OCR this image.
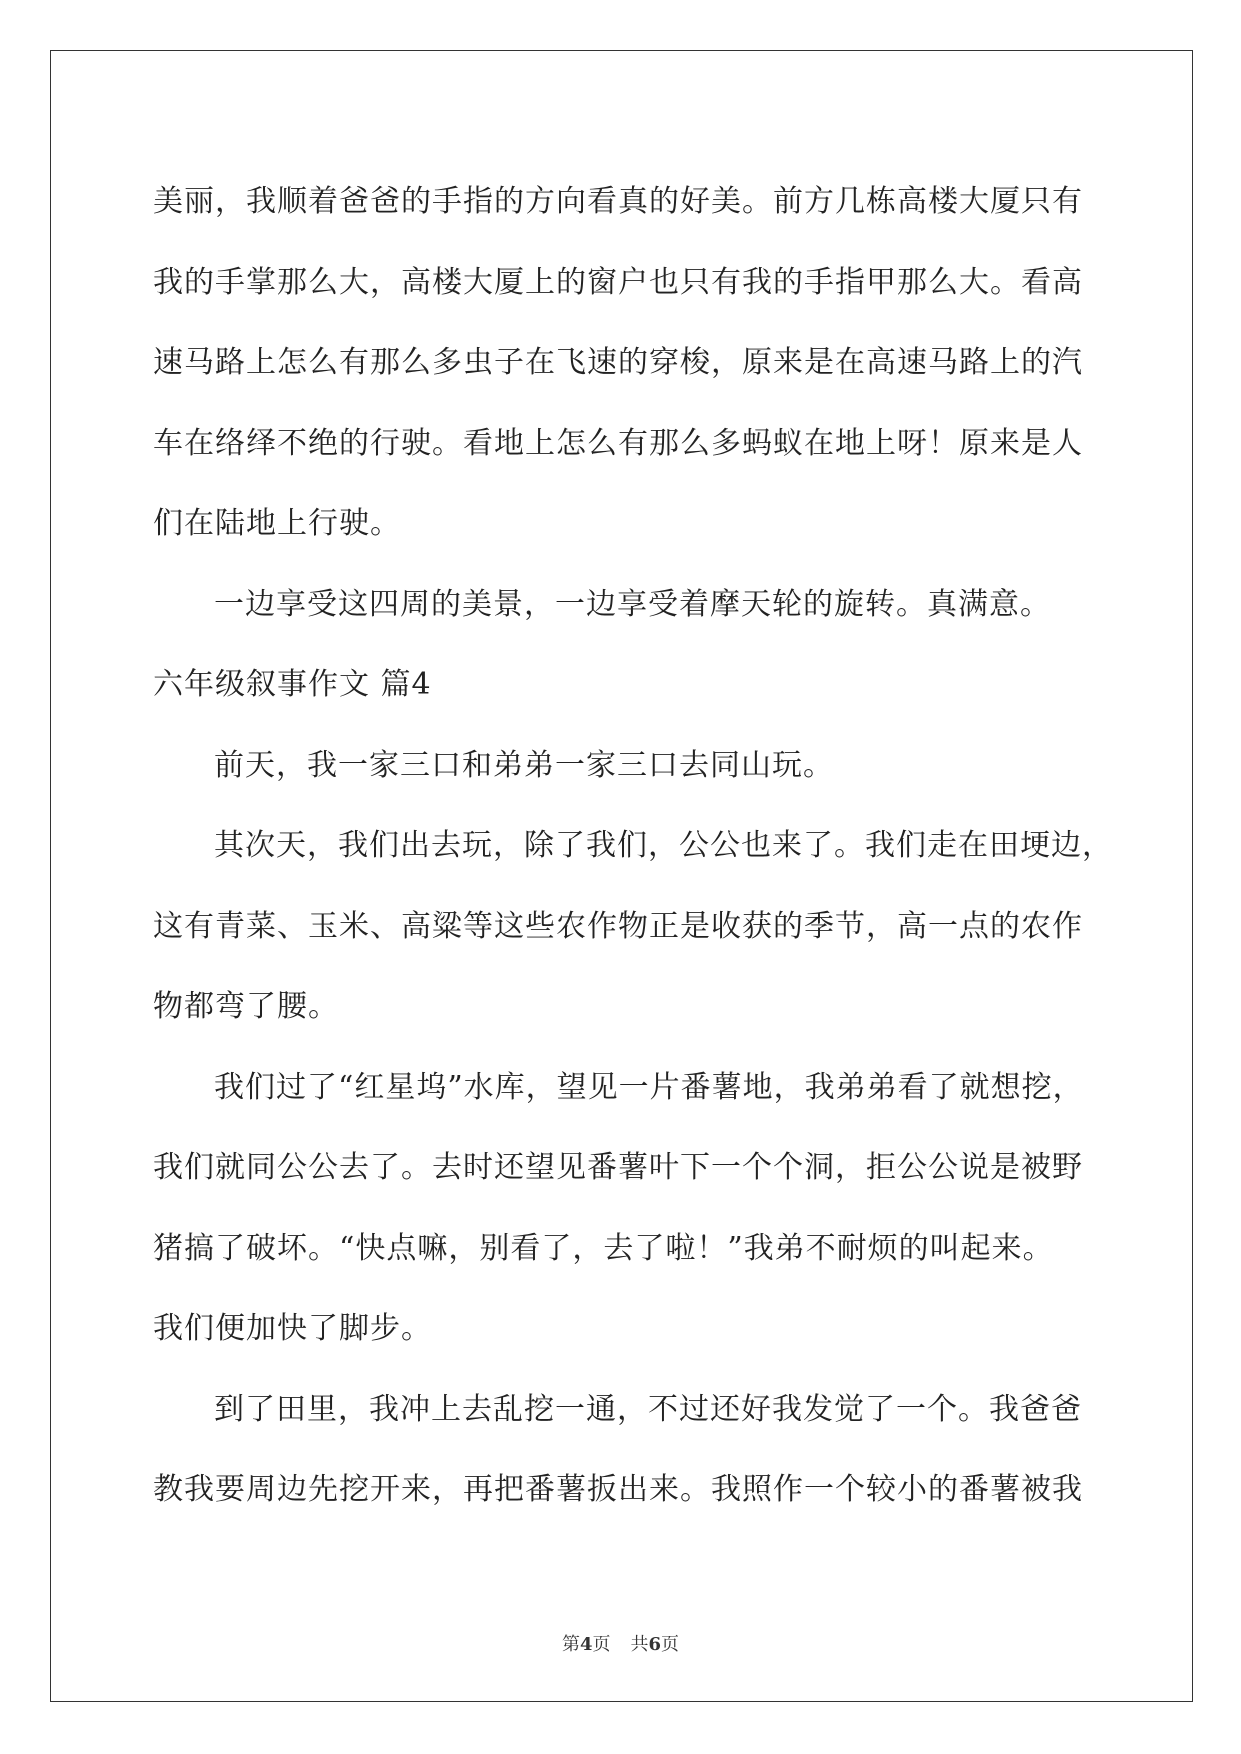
美丽，我顺着爸爸的手指的方向看真的好美。前方几栋高楼大厦只有
我的手掌那么大，高楼大厦上的窗户也只有我的手指甲那么大。看高
速马路上怎么有那么多虫子在飞速的穿梭，原来是在高速马路上的汽
车在络绎不绝的行驶。看地上怎么有那么多蚂蚁在地上呀！原来是人
们在陆地上行驶。
一边享受这四周的美景，一边享受着摩天轮的旋转。真满意。
六年级叙事作文 篇4
前天，我一家三口和弟弟一家三口去同山玩。
其次天，我们出去玩，除了我们，公公也来了。我们走在田埂边，
这有青菜、玉米、高粱等这些农作物正是收获的季节，高一点的农作
物都弯了腰。
我们过了“红星坞”水库，望见一片番薯地，我弟弟看了就想挖，
我们就同公公去了。去时还望见番薯叶下一个个洞，拒公公说是被野
猪搞了破坏。“快点嘛，别看了，去了啦！”我弟不耐烦的叫起来。
我们便加快了脚步。
到了田里，我冲上去乱挖一通，不过还好我发觉了一个。我爸爸
教我要周边先挖开来，再把番薯扳出来。我照作一个较小的番薯被我
第4页 共6页
